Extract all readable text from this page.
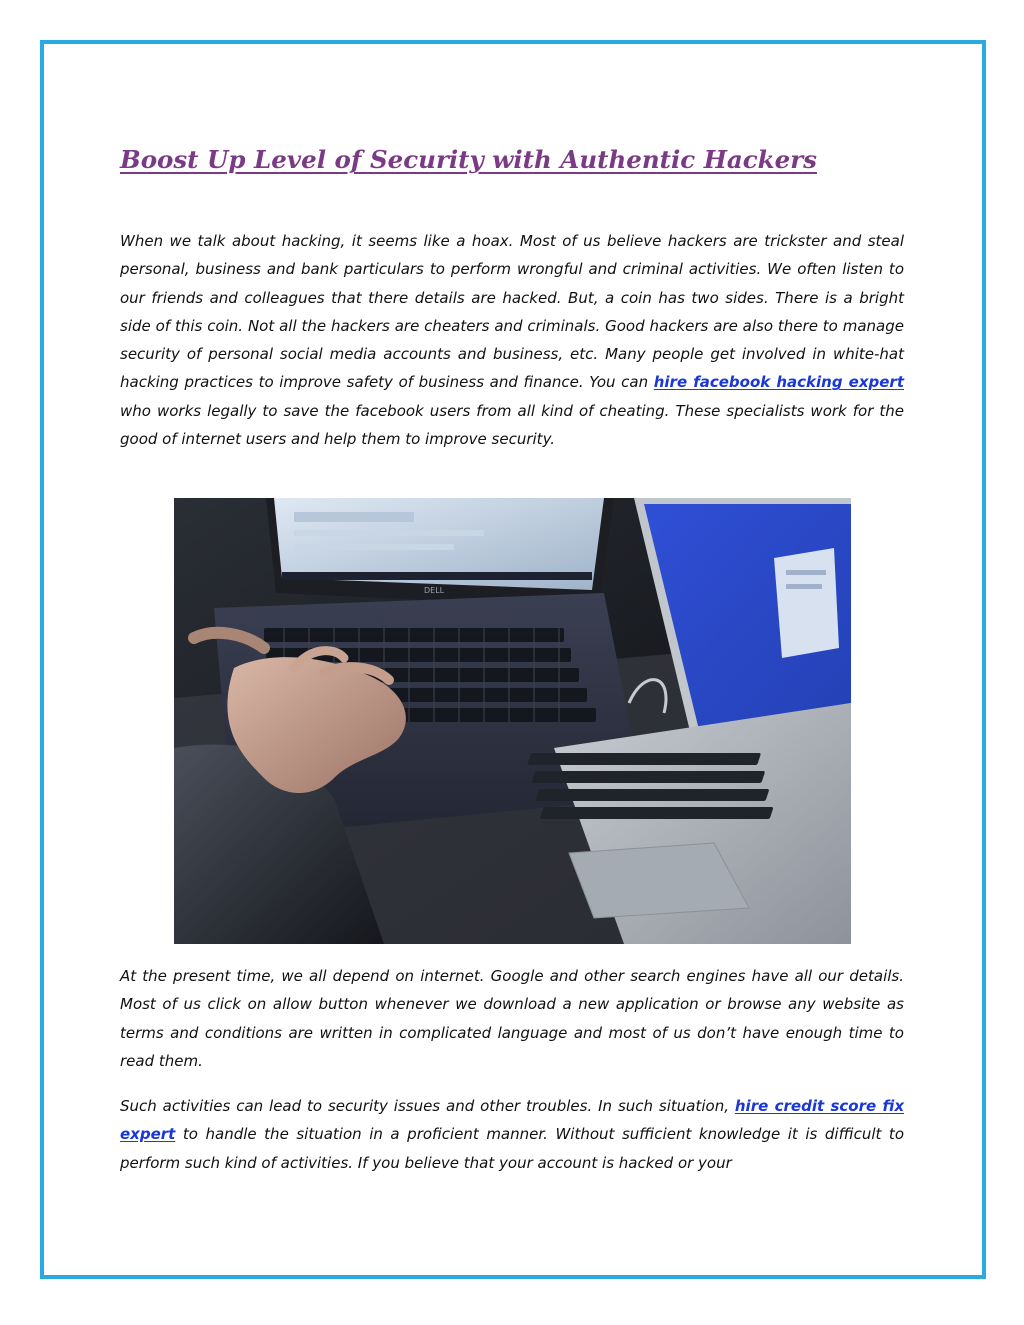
Boost Up Level of Security with Authentic Hackers

When we talk about hacking, it seems like a hoax. Most of us believe hackers are trickster and steal personal, business and bank particulars to perform wrongful and criminal activities. We often listen to our friends and colleagues that there details are hacked. But, a coin has two sides. There is a bright side of this coin. Not all the hackers are cheaters and criminals. Good hackers are also there to manage security of personal social media accounts and business, etc. Many people get involved in white-hat hacking practices to improve safety of business and finance. You can hire facebook hacking expert who works legally to save the facebook users from all kind of cheating. These specialists work for the good of internet users and help them to improve security.

DELL

At the present time, we all depend on internet. Google and other search engines have all our details. Most of us click on allow button whenever we download a new application or browse any website as terms and conditions are written in complicated language and most of us don’t have enough time to read them.

Such activities can lead to security issues and other troubles. In such situation, hire credit score fix expert to handle the situation in a proficient manner. Without sufficient knowledge it is difficult to perform such kind of activities. If you believe that your account is hacked or your
